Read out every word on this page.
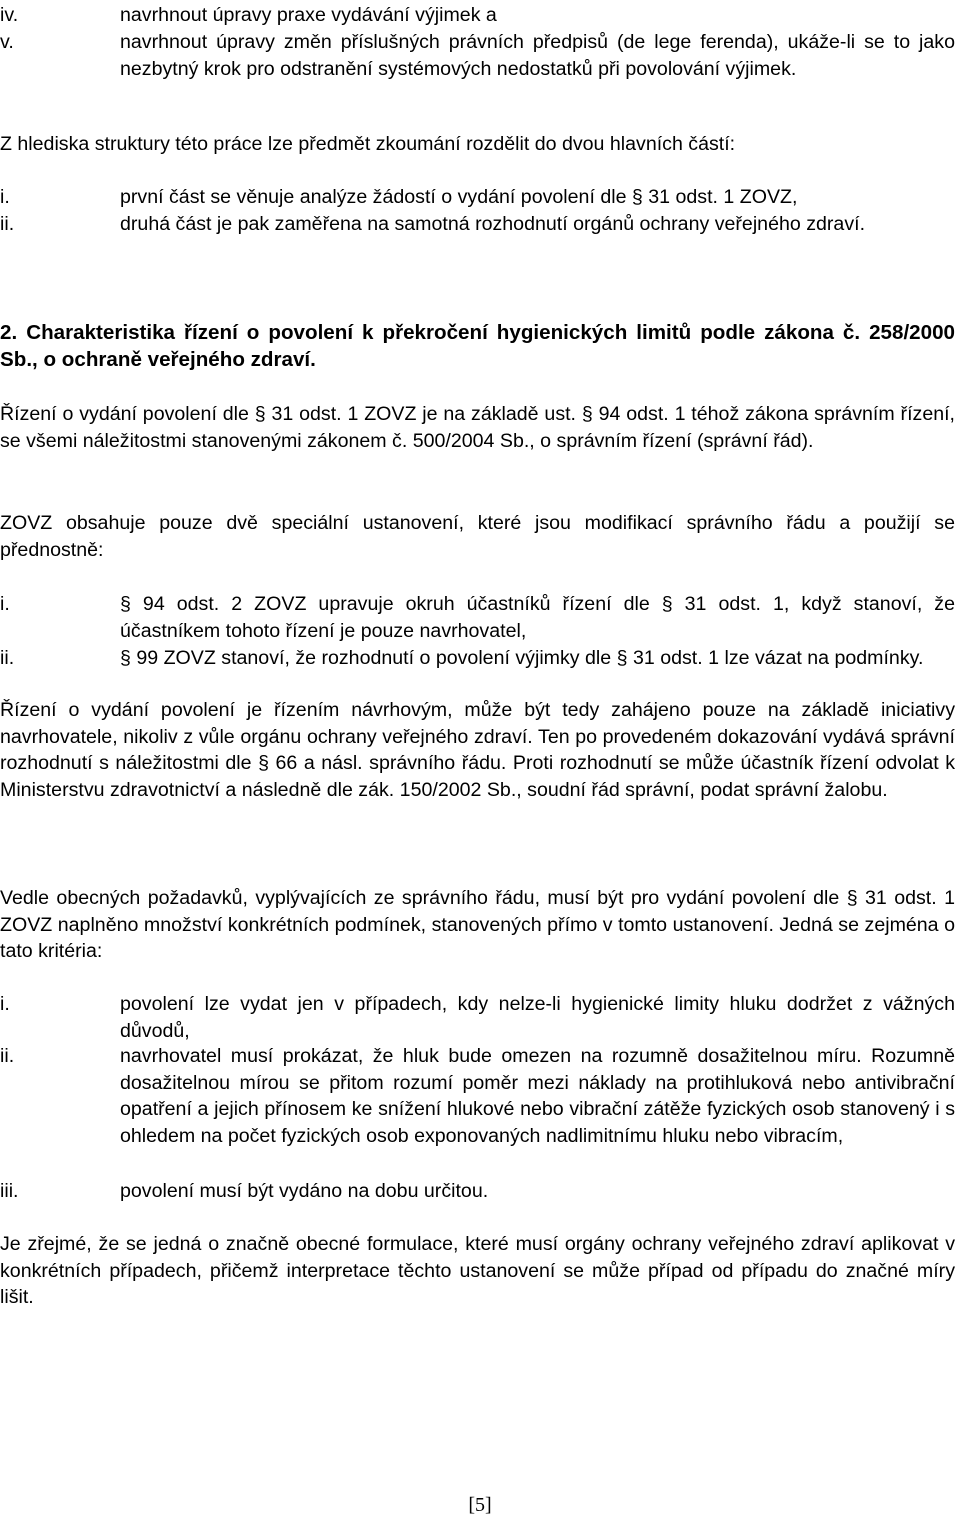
iv.	navrhnout úpravy praxe vydávání výjimek a
v.	navrhnout úpravy změn příslušných právních předpisů (de lege ferenda), ukáže-li se to jako nezbytný krok pro odstranění systémových nedostatků při povolování výjimek.

Z hlediska struktury této práce lze předmět zkoumání rozdělit do dvou hlavních částí:

i.	první část se věnuje analýze žádostí o vydání povolení dle § 31 odst. 1 ZOVZ,
ii.	druhá část je pak zaměřena na samotná rozhodnutí orgánů ochrany veřejného zdraví.
2. Charakteristika řízení o povolení k překročení hygienických limitů podle zákona č. 258/2000 Sb., o ochraně veřejného zdraví.

Řízení o vydání povolení dle § 31 odst. 1 ZOVZ je na základě ust. § 94 odst. 1 téhož zákona správním řízení, se všemi náležitostmi stanovenými zákonem č. 500/2004 Sb., o správním řízení (správní řád).

ZOVZ obsahuje pouze dvě speciální ustanovení, které jsou modifikací správního řádu a použijí se přednostně:

i.	§ 94 odst. 2 ZOVZ upravuje okruh účastníků řízení dle § 31 odst. 1, když stanoví, že účastníkem tohoto řízení je pouze navrhovatel,
ii.	§ 99 ZOVZ stanoví, že rozhodnutí o povolení výjimky dle § 31 odst. 1 lze vázat na podmínky.

Řízení o vydání povolení je řízením návrhovým, může být tedy zahájeno pouze na základě iniciativy navrhovatele, nikoliv z vůle orgánu ochrany veřejného zdraví. Ten po provedeném dokazování vydává správní rozhodnutí s náležitostmi dle § 66 a násl. správního řádu. Proti rozhodnutí se může účastník řízení odvolat k Ministerstvu zdravotnictví a následně dle zák. 150/2002 Sb., soudní řád správní, podat správní žalobu.

Vedle obecných požadavků, vyplývajících ze správního řádu, musí být pro vydání povolení dle § 31 odst. 1 ZOVZ naplněno množství konkrétních podmínek, stanovených přímo v tomto ustanovení. Jedná se zejména o tato kritéria:

i.	povolení lze vydat jen v případech, kdy nelze-li hygienické limity hluku dodržet z vážných důvodů,
ii.	navrhovatel musí prokázat, že hluk bude omezen na rozumně dosažitelnou míru. Rozumně dosažitelnou mírou se přitom rozumí poměr mezi náklady na protihluková nebo antivibrační opatření a jejich přínosem ke snížení hlukové nebo vibrační zátěže fyzických osob stanovený i s ohledem na počet fyzických osob exponovaných nadlimitnímu hluku nebo vibracím,
iii.	povolení musí být vydáno na dobu určitou.

Je zřejmé, že se jedná o značně obecné formulace, které musí orgány ochrany veřejného zdraví aplikovat v konkrétních případech, přičemž interpretace těchto ustanovení se může případ od případu do značné míry lišit.

[5]
